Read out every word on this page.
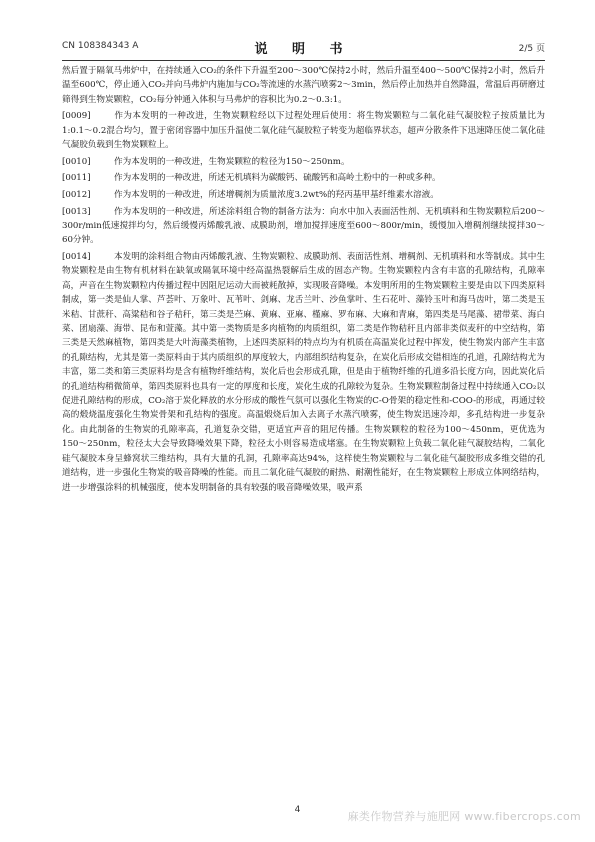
CN 108384343 A	说 明 书	2/5 页

然后置于隔氧马弗炉中，在持续通入CO₂的条件下升温至200～300℃保持2小时，然后升温至400～500℃保持2小时，然后升温至600℃，停止通入CO₂并向马弗炉内施加与CO₂等流速的水蒸汽喷雾2～3min，然后停止加热并自然降温，常温后再研磨过筛得到生物炭颗粒，CO₂每分钟通入体积与马弗炉的容积比为0.2～0.3:1。

[0009]	作为本发明的一种改进，生物炭颗粒经以下过程处理后使用：将生物炭颗粒与二氧化硅气凝胶粒子按质量比为1:0.1～0.2混合均匀，置于密闭容器中加压升温使二氧化硅气凝胶粒子转变为超临界状态，超声分散条件下迅速降压使二氧化硅气凝胶负载到生物炭颗粒上。

[0010]	作为本发明的一种改进，生物炭颗粒的粒径为150～250nm。

[0011]	作为本发明的一种改进，所述无机填料为碳酸钙、硫酸钙和高岭土粉中的一种或多种。

[0012]	作为本发明的一种改进，所述增稠剂为质量浓度3.2wt%的羟丙基甲基纤维素水溶液。

[0013]	作为本发明的一种改进，所述涂料组合物的制备方法为：向水中加入表面活性剂、无机填料和生物炭颗粒后200～300r/min低速搅拌均匀，然后缓慢丙烯酸乳液、成膜助剂，增加搅拌速度至600～800r/min，缓慢加入增稠剂继续搅拌30～60分钟。

[0014]	本发明的涂料组合物由丙烯酸乳液、生物炭颗粒、成膜助剂、表面活性剂、增稠剂、无机填料和水等制成。其中生物炭颗粒是由生物有机材料在缺氧或隔氧环境中经高温热裂解后生成的固态产物。生物炭颗粒内含有丰富的孔隙结构，孔隙率高，声音在生物炭颗粒内传播过程中因阻尼运动大而被耗散掉，实现吸音降噪。本发明所用的生物炭颗粒主要是由以下四类原料制成，第一类是仙人掌、芦荟叶、万象叶、瓦苇叶、剑麻、龙舌兰叶、沙鱼掌叶、生石花叶、藻铃玉叶和海马齿叶，第二类是玉米秸、甘蔗秆、高粱秸和谷子秸秆，第三类是苎麻、黄麻、亚麻、槿麻、罗布麻、大麻和青麻，第四类是马尾藻、裙带菜、海白菜、团扇藻、海带、昆布和萱藻。其中第一类物质是多肉植物的肉质组织，第二类是作物秸秆且内部非类似麦秆的中空结构，第三类是天然麻植物，第四类是大叶海藻类植物，上述四类原料的特点均为有机质在高温炭化过程中挥发，使生物炭内部产生丰富的孔隙结构，尤其是第一类原料由于其内质组织的厚度较大，内部组织结构复杂，在炭化后形成交错相连的孔道，孔隙结构尤为丰富，第二类和第三类原料均是含有植物纤维结构，炭化后也会形成孔隙，但是由于植物纤维的孔道多沿长度方向，因此炭化后的孔道结构稍微简单，第四类原料也具有一定的厚度和长度，炭化生成的孔隙较为复杂。生物炭颗粒制备过程中持续通入CO₂以促进孔隙结构的形成，CO₂溶于炭化释放的水分形成的酸性气氛可以强化生物炭的C-O骨架的稳定性和-COO-的形成，再通过较高的煅烧温度强化生物炭骨架和孔结构的强度。高温煅烧后加入去离子水蒸汽喷雾，使生物炭迅速冷却，多孔结构进一步复杂化。由此制备的生物炭的孔隙率高，孔道复杂交错，更适宜声音的阻尼传播。生物炭颗粒的粒径为100～450nm，更优选为150～250nm，粒径太大会导致降噪效果下降，粒径太小则容易造成堵塞。在生物炭颗粒上负载二氧化硅气凝胶结构，二氧化硅气凝胶本身呈蜂窝状三维结构，具有大量的孔洞，孔隙率高达94%，这样使生物炭颗粒与二氧化硅气凝胶形成多维交错的孔道结构，进一步强化生物炭的吸音降噪的性能。而且二氧化硅气凝胶的耐热、耐潮性能好，在生物炭颗粒上形成立体网络结构，进一步增强涂料的机械强度，使本发明制备的具有较强的吸音降噪效果，吸声系

4	麻类作物营养与施肥网 www.fibercrops.com
